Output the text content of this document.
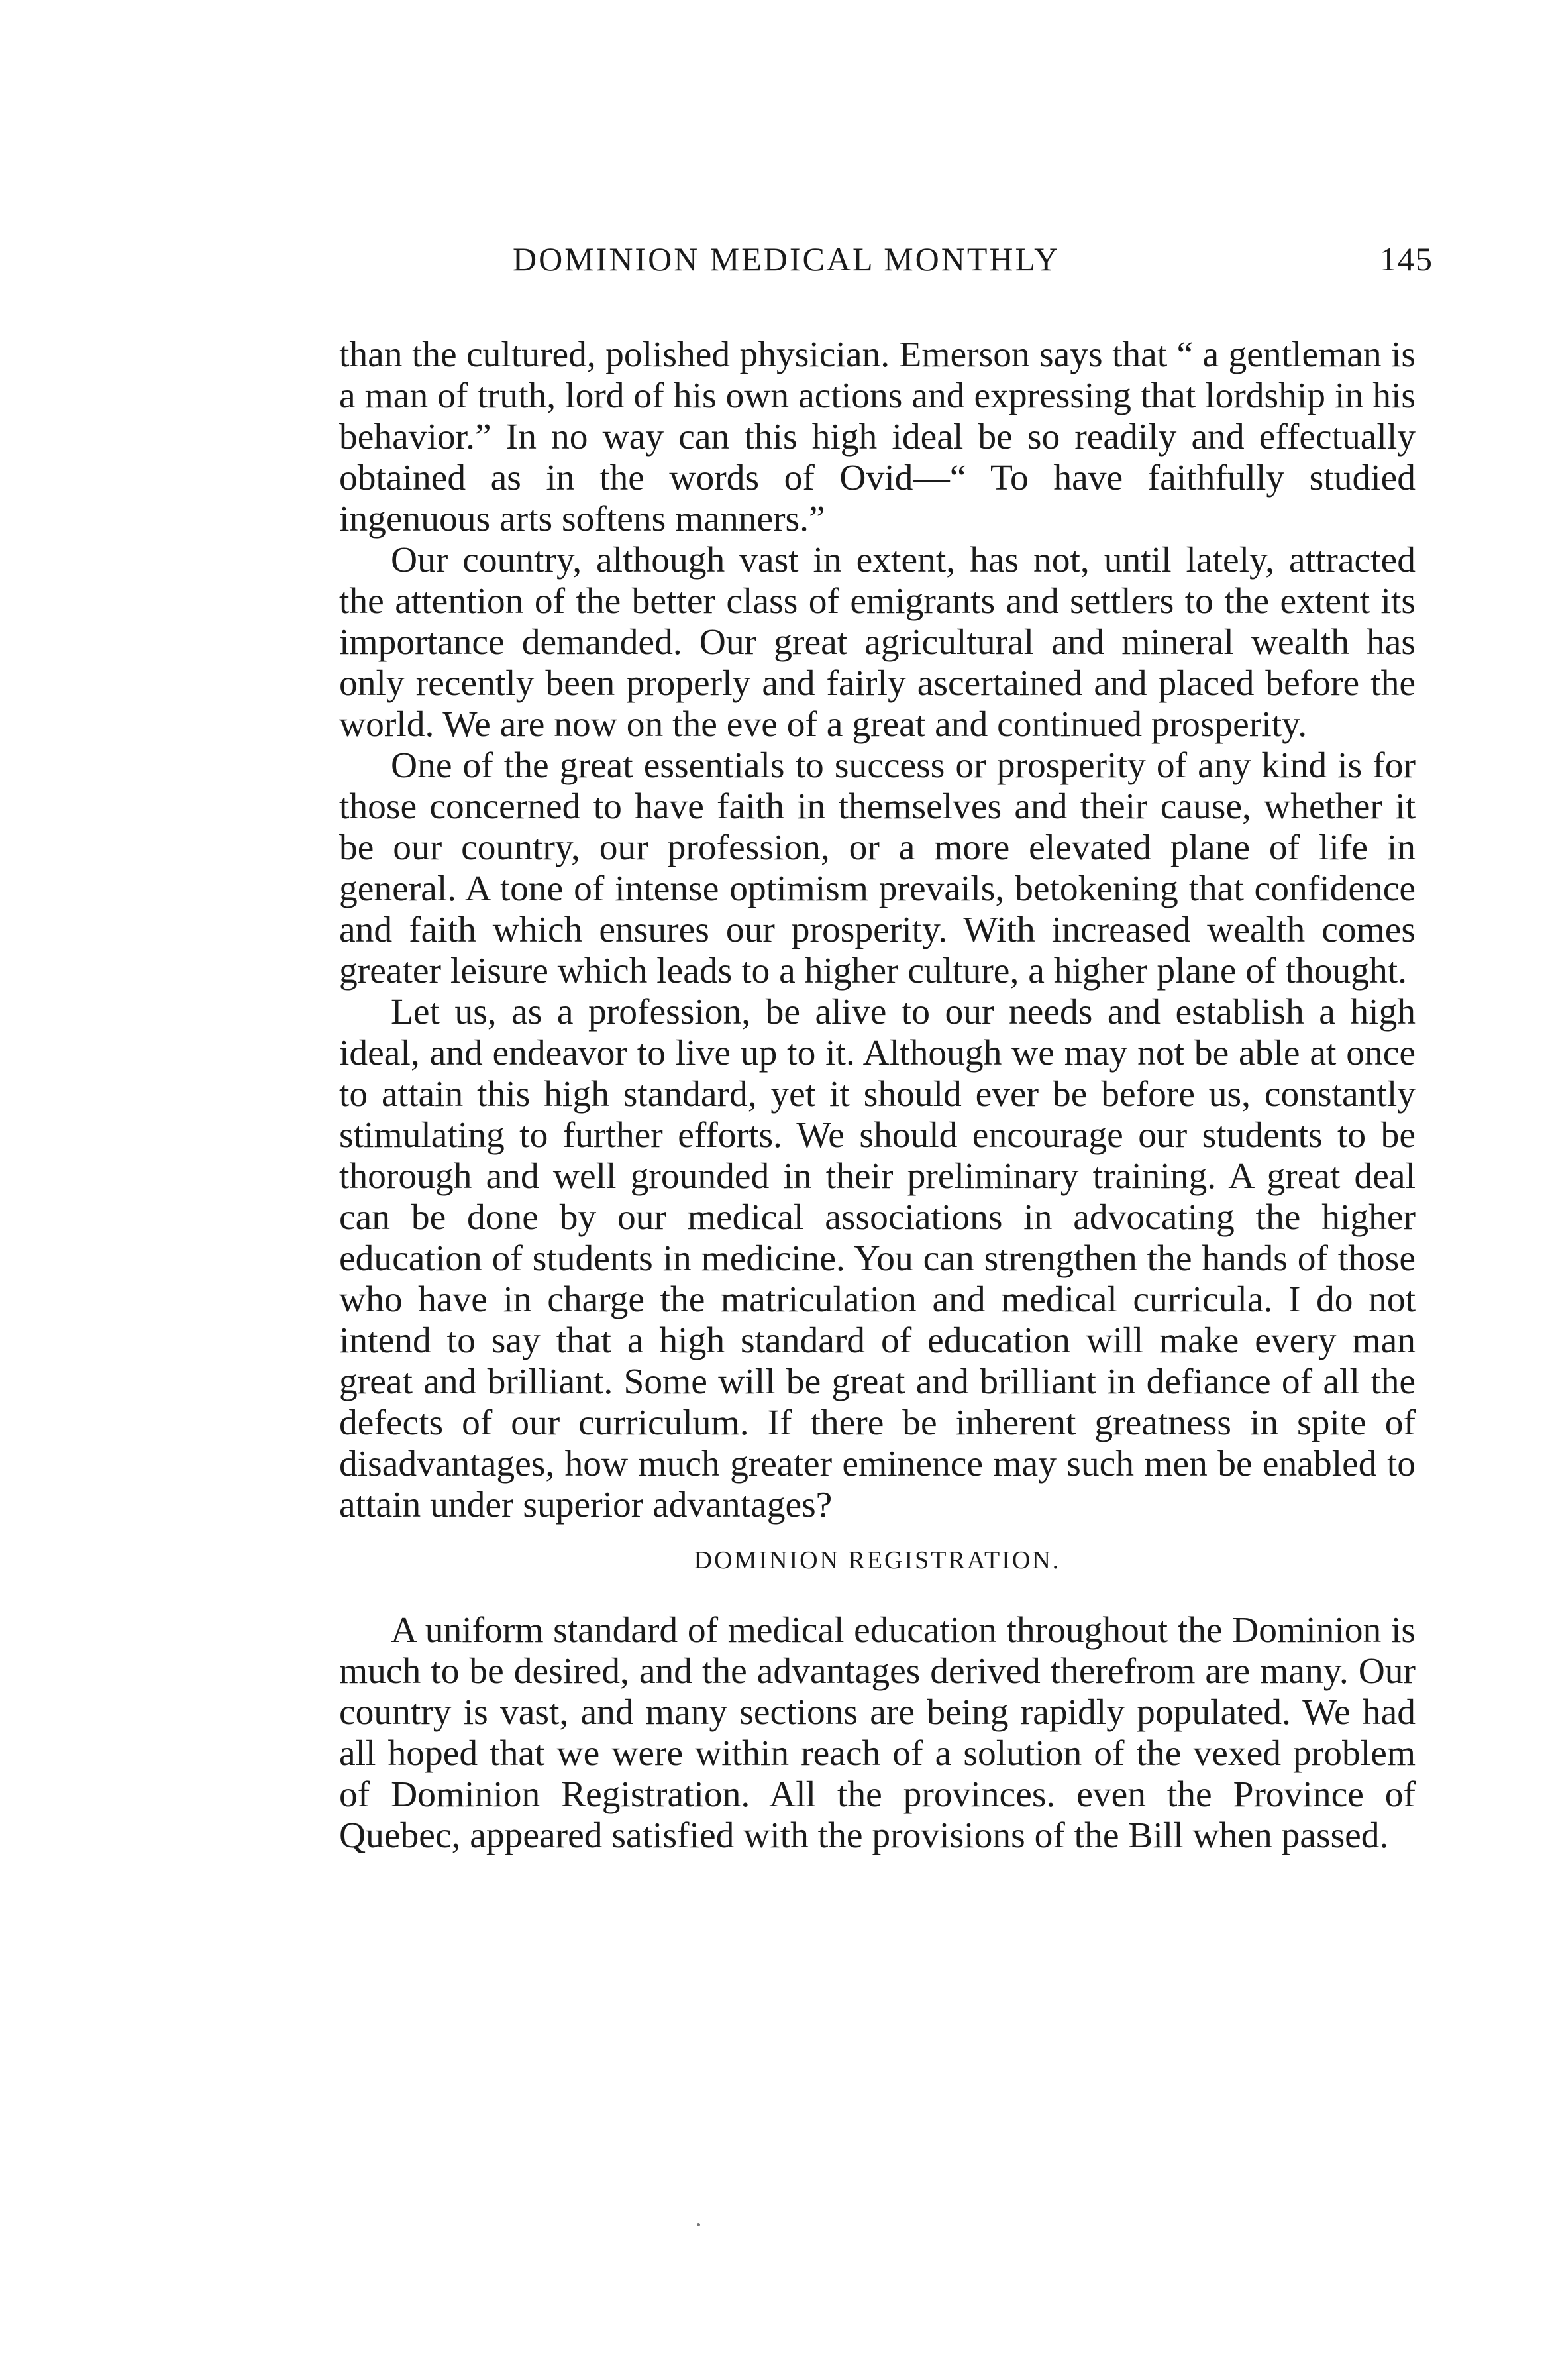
DOMINION MEDICAL MONTHLY	145

than the cultured, polished physician. Emerson says that “ a gentleman is a man of truth, lord of his own actions and expressing that lordship in his behavior.” In no way can this high ideal be so readily and effectually obtained as in the words of Ovid—“ To have faithfully studied ingenuous arts softens manners.”

Our country, although vast in extent, has not, until lately, attracted the attention of the better class of emigrants and settlers to the extent its importance demanded. Our great agricultural and mineral wealth has only recently been properly and fairly ascertained and placed before the world. We are now on the eve of a great and continued prosperity.

One of the great essentials to success or prosperity of any kind is for those concerned to have faith in themselves and their cause, whether it be our country, our profession, or a more elevated plane of life in general. A tone of intense optimism prevails, betokening that confidence and faith which ensures our prosperity. With increased wealth comes greater leisure which leads to a higher culture, a higher plane of thought.

Let us, as a profession, be alive to our needs and establish a high ideal, and endeavor to live up to it. Although we may not be able at once to attain this high standard, yet it should ever be before us, constantly stimulating to further efforts. We should encourage our students to be thorough and well grounded in their preliminary training. A great deal can be done by our medical associations in advocating the higher education of students in medicine. You can strengthen the hands of those who have in charge the matriculation and medical curricula. I do not intend to say that a high standard of education will make every man great and brilliant. Some will be great and brilliant in defiance of all the defects of our curriculum. If there be inherent greatness in spite of disadvantages, how much greater eminence may such men be enabled to attain under superior advantages?

DOMINION REGISTRATION.

A uniform standard of medical education throughout the Dominion is much to be desired, and the advantages derived therefrom are many. Our country is vast, and many sections are being rapidly populated. We had all hoped that we were within reach of a solution of the vexed problem of Dominion Registration. All the provinces. even the Province of Quebec, appeared satisfied with the provisions of the Bill when passed.
